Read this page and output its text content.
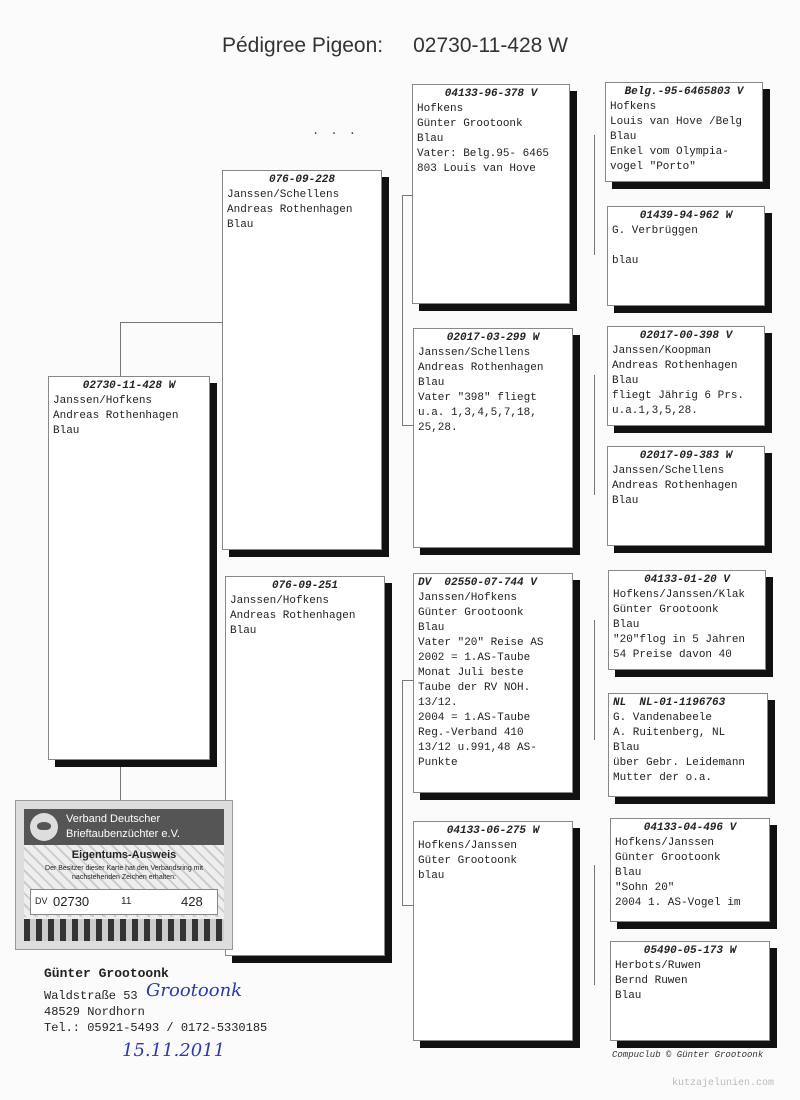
Pédigree Pigeon: 02730-11-428 W
. . .
02730-11-428 W
Janssen/Hofkens
Andreas Rothenhagen
Blau
076-09-228
Janssen/Schellens
Andreas Rothenhagen
Blau
076-09-251
Janssen/Hofkens
Andreas Rothenhagen
Blau
04133-96-378 V
Hofkens
Günter Grootoonk
Blau
Vater: Belg.95- 6465
803 Louis van Hove
02017-03-299 W
Janssen/Schellens
Andreas Rothenhagen
Blau
Vater "398" fliegt
u.a. 1,3,4,5,7,18,
25,28.
DV  02550-07-744 V
Janssen/Hofkens
Günter Grootoonk
Blau
Vater "20" Reise AS
2002 = 1.AS-Taube
Monat Juli beste
Taube der RV NOH.
13/12.
2004 = 1.AS-Taube
Reg.-Verband 410
13/12 u.991,48 AS-
Punkte
04133-06-275 W
Hofkens/Janssen
Güter Grootoonk
blau
Belg.-95-6465803 V
Hofkens
Louis van Hove /Belg
Blau
Enkel vom Olympia-
vogel "Porto"
01439-94-962 W
G. Verbrüggen
blau
02017-00-398 V
Janssen/Koopman
Andreas Rothenhagen
Blau
fliegt Jährig 6 Prs.
u.a.1,3,5,28.
02017-09-383 W
Janssen/Schellens
Andreas Rothenhagen
Blau
04133-01-20 V
Hofkens/Janssen/Klak
Günter Grootoonk
Blau
"20"flog in 5 Jahren
54 Preise davon 40
NL  NL-01-1196763
G. Vandenabeele
A. Ruitenberg, NL
Blau
über Gebr. Leidemann
Mutter der o.a.
04133-04-496 V
Hofkens/Janssen
Günter Grootoonk
Blau
"Sohn 20"
2004 1. AS-Vogel im
05490-05-173 W
Herbots/Ruwen
Bernd Ruwen
Blau
Verband Deutscher
Brieftaubenzüchter e.V.
Eigentums-Ausweis
Der Besitzer dieser Karte hat den Verbandsring mit nachstehenden Zeichen erhalten:
DV 02730	11	428
Günter Grootoonk
Waldstraße 53
48529 Nordhorn
Tel.: 05921-5493 / 0172-5330185
Grootoonk
15.11.2011	Compuclub © Günter Grootoonk
kutzajelunien.com
